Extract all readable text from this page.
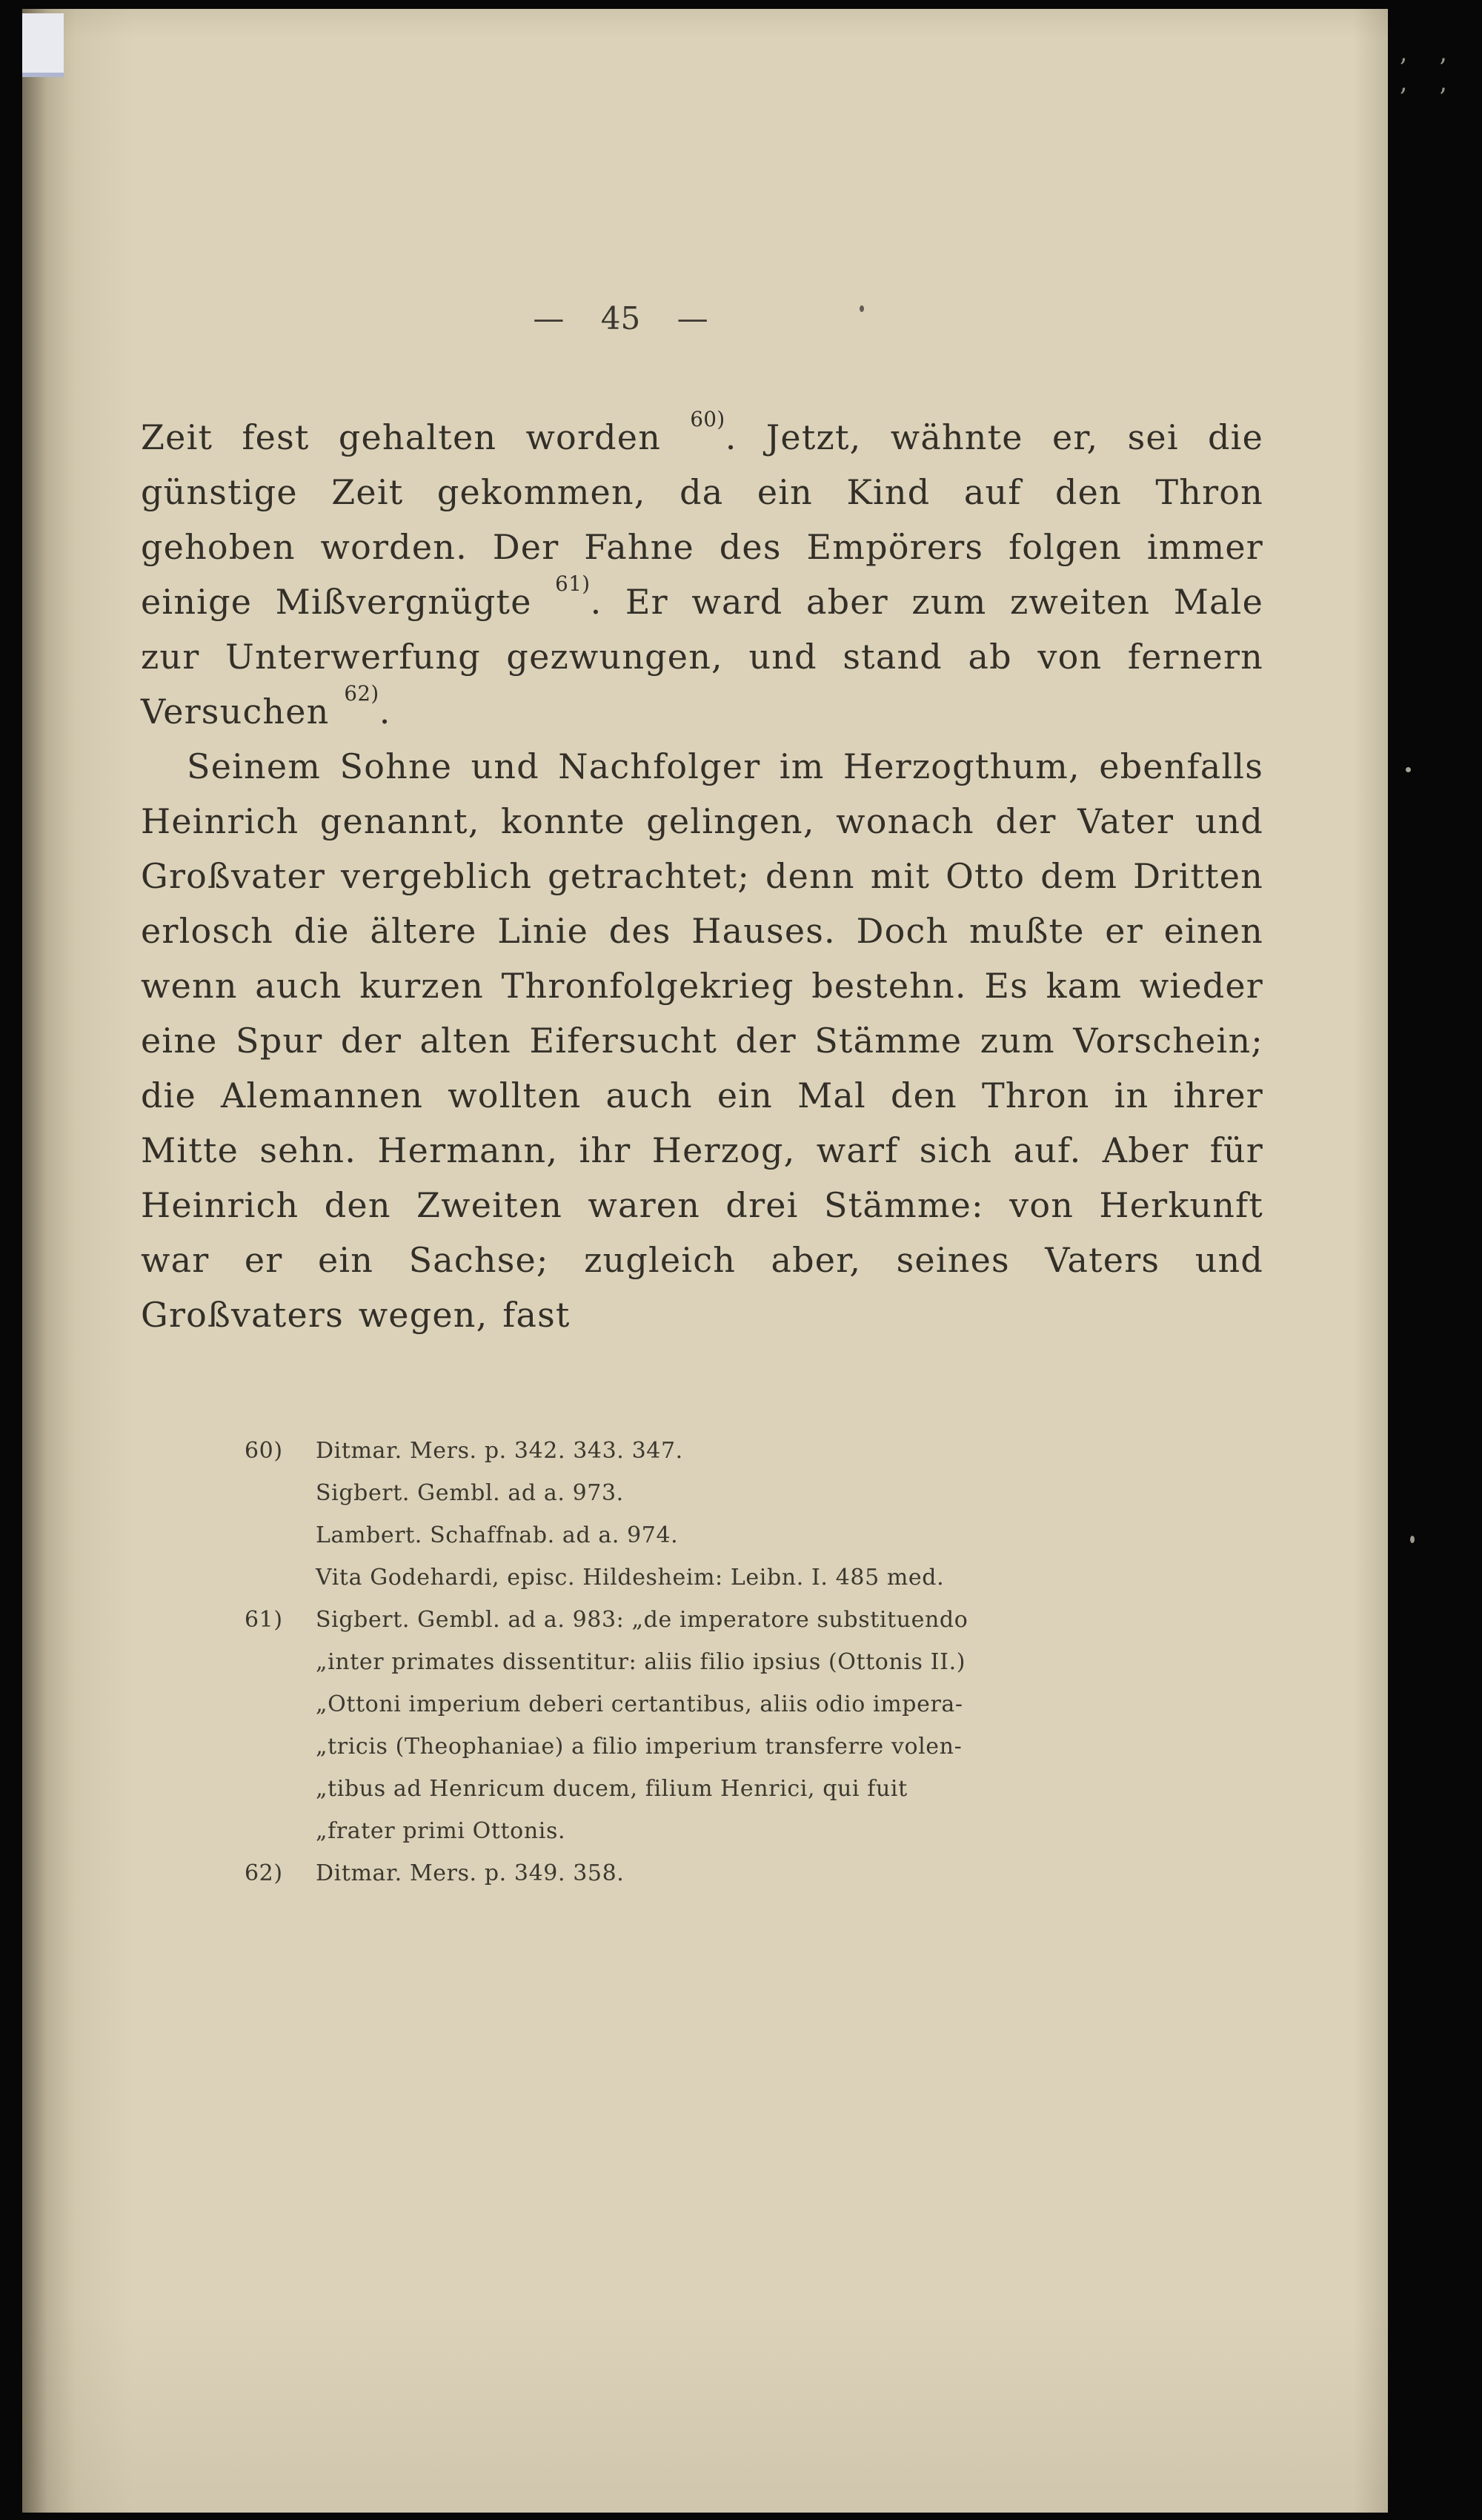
’ ’ ’ ’
— 45 —

Zeit fest gehalten worden $^{60)}$. Jetzt, wähnte er, sei die günstige Zeit gekommen, da ein Kind auf den Thron gehoben worden. Der Fahne des Empörers folgen immer einige Mißvergnügte $^{61)}$. Er ward aber zum zweiten Male zur Unterwerfung gezwungen, und stand ab von fernern Versuchen $^{62)}$.

Seinem Sohne und Nachfolger im Herzogthum, ebenfalls Heinrich genannt, konnte gelingen, wonach der Vater und Großvater vergeblich getrachtet; denn mit Otto dem Dritten erlosch die ältere Linie des Hauses. Doch mußte er einen wenn auch kurzen Thronfolgekrieg bestehn. Es kam wieder eine Spur der alten Eifersucht der Stämme zum Vorschein; die Alemannen wollten auch ein Mal den Thron in ihrer Mitte sehn. Hermann, ihr Herzog, warf sich auf. Aber für Heinrich den Zweiten waren drei Stämme: von Herkunft war er ein Sachse; zugleich aber, seines Vaters und Großvaters wegen, fast

60) Ditmar. Mers. p. 342. 343. 347.
Sigbert. Gembl. ad a. 973.
Lambert. Schaffnab. ad a. 974.
Vita Godehardi, episc. Hildesheim: Leibn. I. 485 med.
61) Sigbert. Gembl. ad a. 983: „de imperatore substituendo
„inter primates dissentitur: aliis filio ipsius (Ottonis II.)
„Ottoni imperium deberi certantibus, aliis odio impera-
„tricis (Theophaniae) a filio imperium transferre volen-
„tibus ad Henricum ducem, filium Henrici, qui fuit
„frater primi Ottonis.
62) Ditmar. Mers. p. 349. 358.
